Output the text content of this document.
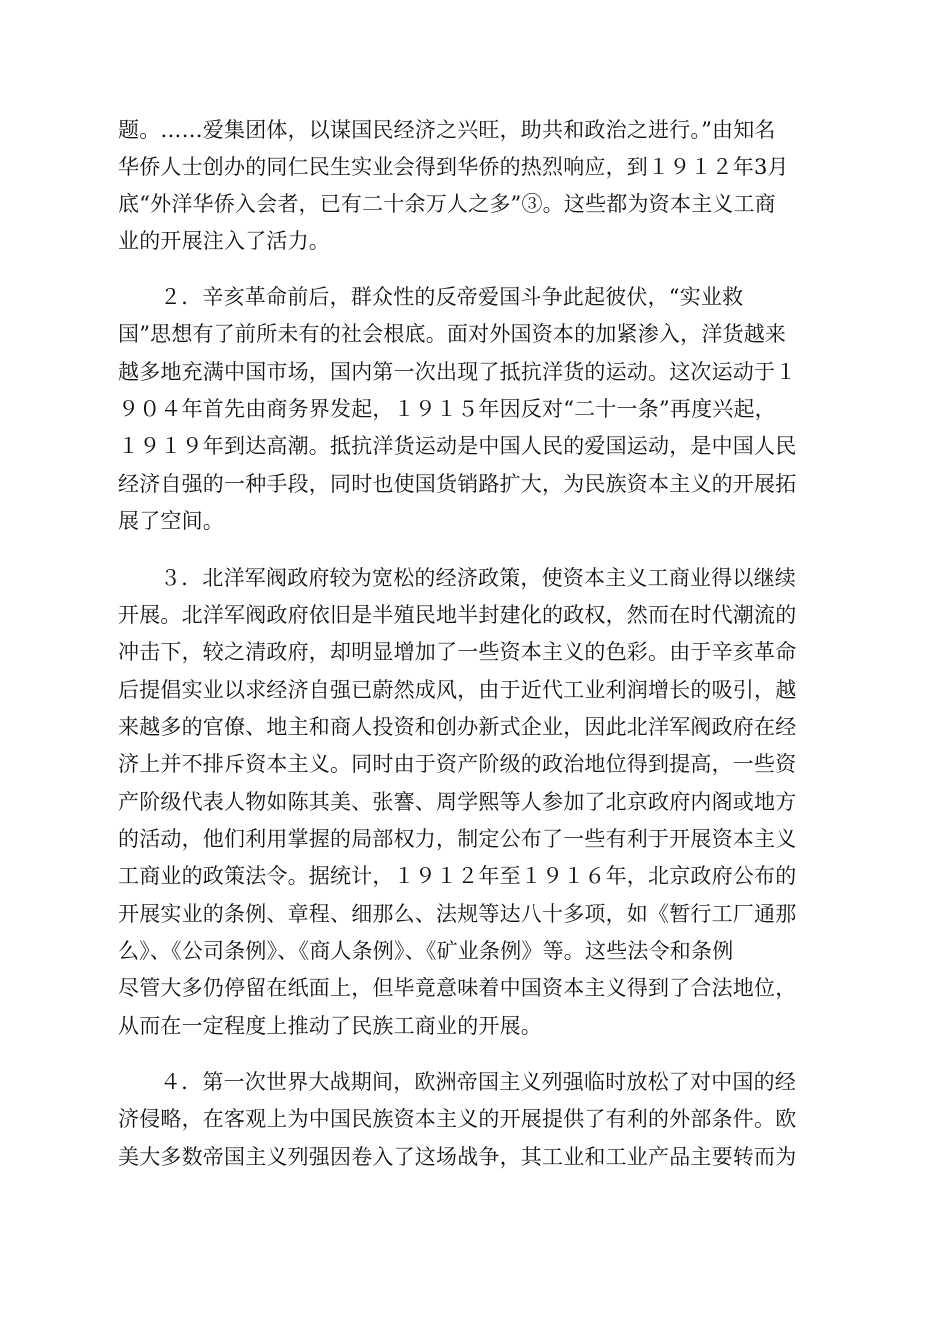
题。……爱集团体，以谋国民经济之兴旺，助共和政治之进行。”由知名
华侨人士创办的同仁民生实业会得到华侨的热烈响应，到１９１２年3月
底“外洋华侨入会者，已有二十余万人之多”③。这些都为资本主义工商
业的开展注入了活力。
２．辛亥革命前后，群众性的反帝爱国斗争此起彼伏，“实业救
国”思想有了前所未有的社会根底。面对外国资本的加紧渗入，洋货越来
越多地充满中国市场，国内第一次出现了抵抗洋货的运动。这次运动于１
９０４年首先由商务界发起，１９１５年因反对“二十一条”再度兴起，
１９１９年到达高潮。抵抗洋货运动是中国人民的爱国运动，是中国人民
经济自强的一种手段，同时也使国货销路扩大，为民族资本主义的开展拓
展了空间。
３．北洋军阀政府较为宽松的经济政策，使资本主义工商业得以继续
开展。北洋军阀政府依旧是半殖民地半封建化的政权，然而在时代潮流的
冲击下，较之清政府，却明显增加了一些资本主义的色彩。由于辛亥革命
后提倡实业以求经济自强已蔚然成风，由于近代工业利润增长的吸引，越
来越多的官僚、地主和商人投资和创办新式企业，因此北洋军阀政府在经
济上并不排斥资本主义。同时由于资产阶级的政治地位得到提高，一些资
产阶级代表人物如陈其美、张謇、周学熙等人参加了北京政府内阁或地方
的活动，他们利用掌握的局部权力，制定公布了一些有利于开展资本主义
工商业的政策法令。据统计，１９１２年至１９１６年，北京政府公布的
开展实业的条例、章程、细那么、法规等达八十多项，如《暂行工厂通那
么》、《公司条例》、《商人条例》、《矿业条例》等。这些法令和条例
尽管大多仍停留在纸面上，但毕竟意味着中国资本主义得到了合法地位，
从而在一定程度上推动了民族工商业的开展。
４．第一次世界大战期间，欧洲帝国主义列强临时放松了对中国的经
济侵略，在客观上为中国民族资本主义的开展提供了有利的外部条件。欧
美大多数帝国主义列强因卷入了这场战争，其工业和工业产品主要转而为
